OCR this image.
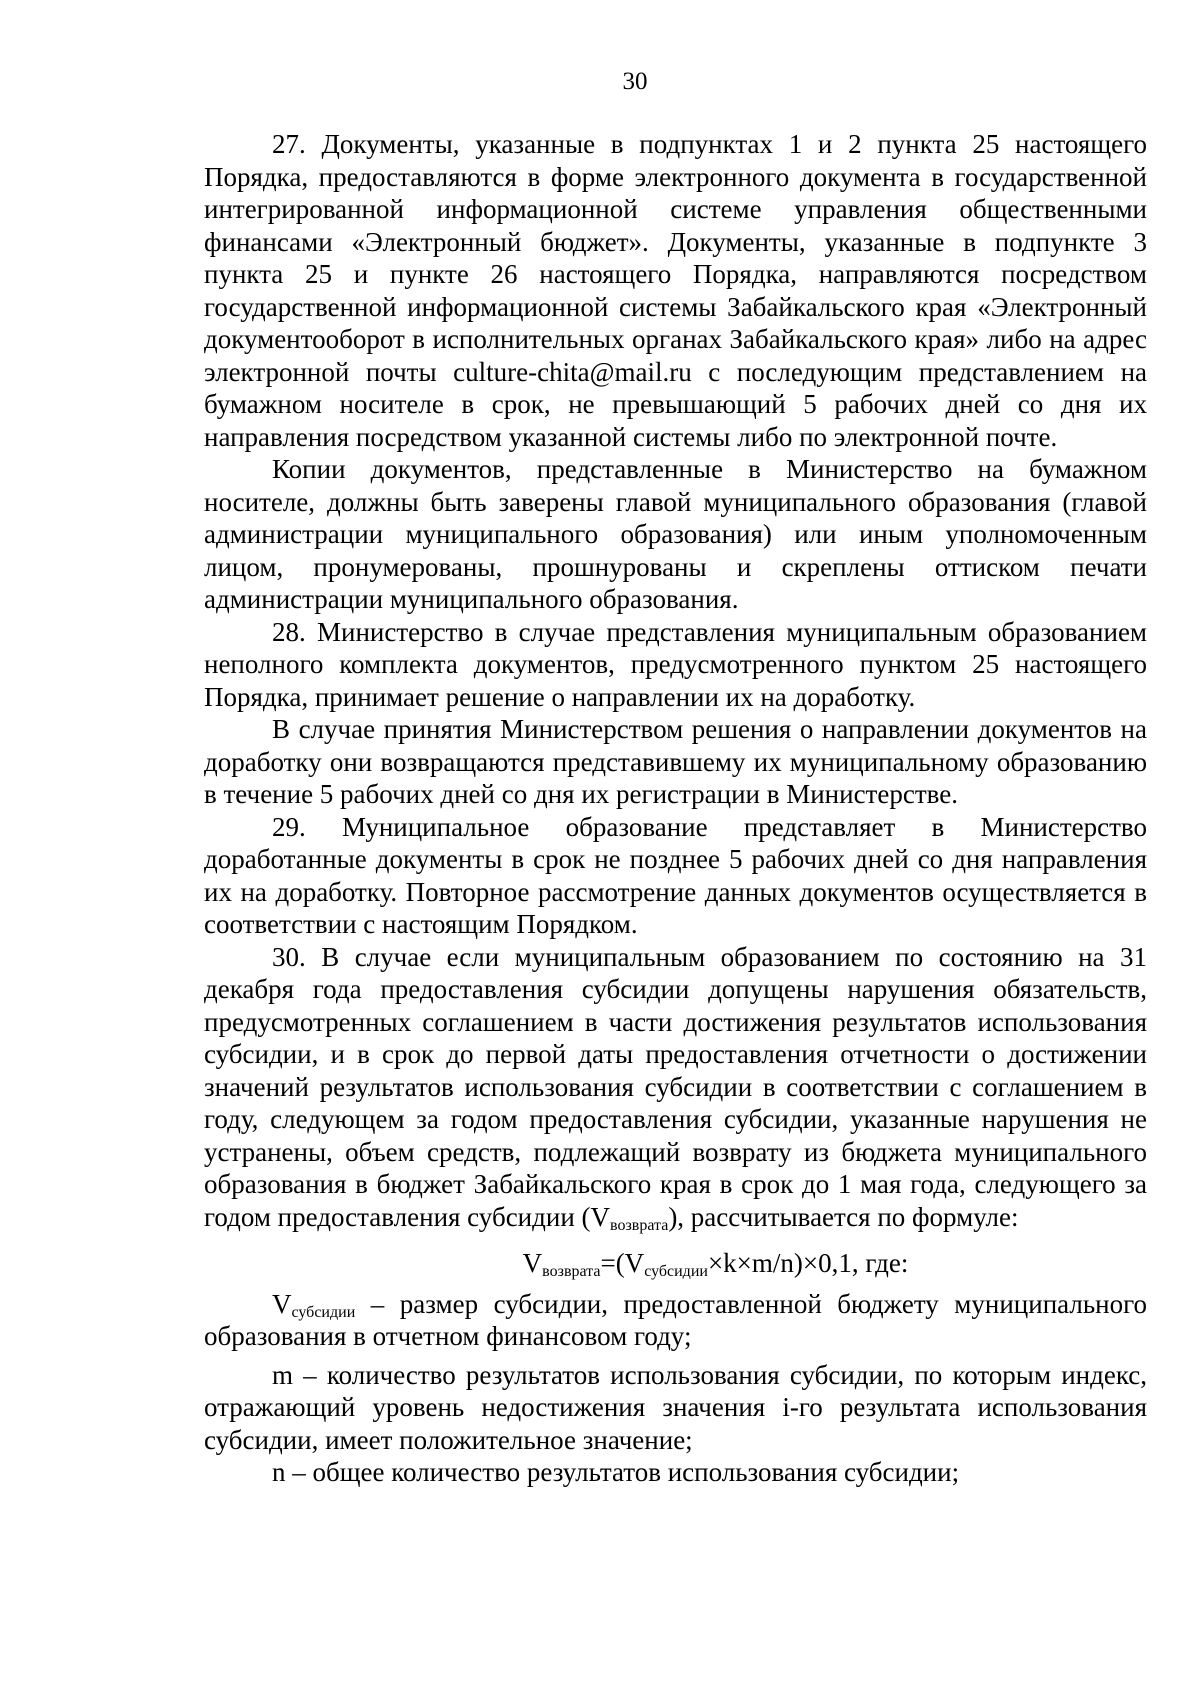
30

27. Документы, указанные в подпунктах 1 и 2 пункта 25 настоящего Порядка, предоставляются в форме электронного документа в государственной интегрированной информационной системе управления общественными финансами «Электронный бюджет». Документы, указанные в подпункте 3 пункта 25 и пункте 26 настоящего Порядка, направляются посредством государственной информационной системы Забайкальского края «Электронный документооборот в исполнительных органах Забайкальского края» либо на адрес электронной почты culture-chita@mail.ru с последующим представлением на бумажном носителе в срок, не превышающий 5 рабочих дней со дня их направления посредством указанной системы либо по электронной почте.

Копии документов, представленные в Министерство на бумажном носителе, должны быть заверены главой муниципального образования (главой администрации муниципального образования) или иным уполномоченным лицом, пронумерованы, прошнурованы и скреплены оттиском печати администрации муниципального образования.

28. Министерство в случае представления муниципальным образованием неполного комплекта документов, предусмотренного пунктом 25 настоящего Порядка, принимает решение о направлении их на доработку.

В случае принятия Министерством решения о направлении документов на доработку они возвращаются представившему их муниципальному образованию в течение 5 рабочих дней со дня их регистрации в Министерстве.

29. Муниципальное образование представляет в Министерство доработанные документы в срок не позднее 5 рабочих дней со дня направления их на доработку. Повторное рассмотрение данных документов осуществляется в соответствии с настоящим Порядком.

30. В случае если муниципальным образованием по состоянию на 31 декабря года предоставления субсидии допущены нарушения обязательств, предусмотренных соглашением в части достижения результатов использования субсидии, и в срок до первой даты предоставления отчетности о достижении значений результатов использования субсидии в соответствии с соглашением в году, следующем за годом предоставления субсидии, указанные нарушения не устранены, объем средств, подлежащий возврату из бюджета муниципального образования в бюджет Забайкальского края в срок до 1 мая года, следующего за годом предоставления субсидии $(V_{возврата})$, рассчитывается по формуле:

$V_{возврата}=(V_{субсидии}\times k\times m/n)\times 0,1$, где:

$V_{субсидии}$ – размер субсидии, предоставленной бюджету муниципального образования в отчетном финансовом году;

m – количество результатов использования субсидии, по которым индекс, отражающий уровень недостижения значения i-го результата использования субсидии, имеет положительное значение;

n – общее количество результатов использования субсидии;
